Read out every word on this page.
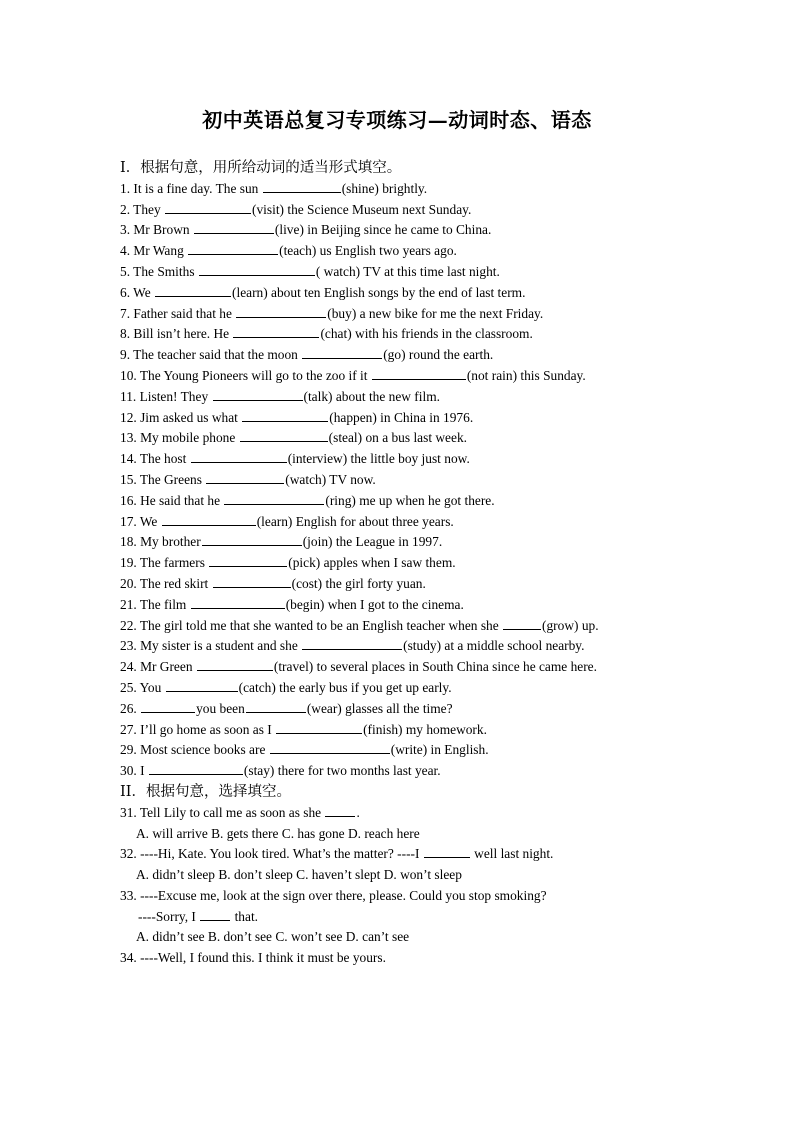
初中英语总复习专项练习—动词时态、语态
I．根据句意，用所给动词的适当形式填空。
1. It is a fine day. The sun	(shine) brightly.
2. They	(visit) the Science Museum next Sunday.
3. Mr Brown	(live) in Beijing since he came to China.
4. Mr Wang	(teach) us English two years ago.
5. The Smiths	( watch) TV at this time last night.
6. We	(learn) about ten English songs by the end of last term.
7. Father said that he	(buy) a new bike for me the next Friday.
8. Bill isn’t here. He	(chat) with his friends in the classroom.
9. The teacher said that the moon	(go) round the earth.
10. The Young Pioneers will go to the zoo if it	(not rain) this Sunday.
11. Listen! They	(talk) about the new film.
12. Jim asked us what	(happen) in China in 1976.
13. My mobile phone	(steal) on a bus last week.
14. The host	(interview) the little boy just now.
15. The Greens	(watch) TV now.
16. He said that he	(ring) me up when he got there.
17. We	(learn) English for about three years.
18. My brother	(join) the League in 1997.
19. The farmers	(pick) apples when I saw them.
20. The red skirt	(cost) the girl forty yuan.
21. The film	(begin) when I got to the cinema.
22. The girl told me that she wanted to be an English teacher when she	(grow) up.
23. My sister is a student and she	(study) at a middle school nearby.
24. Mr Green	(travel) to several places in South China since he came here.
25. You	(catch) the early bus if you get up early.
26.	you been	(wear) glasses all the time?
27. I’ll go home as soon as I	(finish) my homework.
29. Most science books are	(write) in English.
30. I	(stay) there for two months last year.
II．根据句意，选择填空。
31. Tell Lily to call me as soon as she .
A. will arrive B. gets there C. has gone D. reach here
32. ----Hi, Kate. You look tired. What’s the matter? ----I	well last night.
A. didn’t sleep B. don’t sleep C. haven’t slept D. won’t sleep
33. ----Excuse me, look at the sign over there, please. Could you stop smoking?
----Sorry, I  that.
A. didn’t see B. don’t see C. won’t see D. can’t see
34. ----Well, I found this. I think it must be yours.
